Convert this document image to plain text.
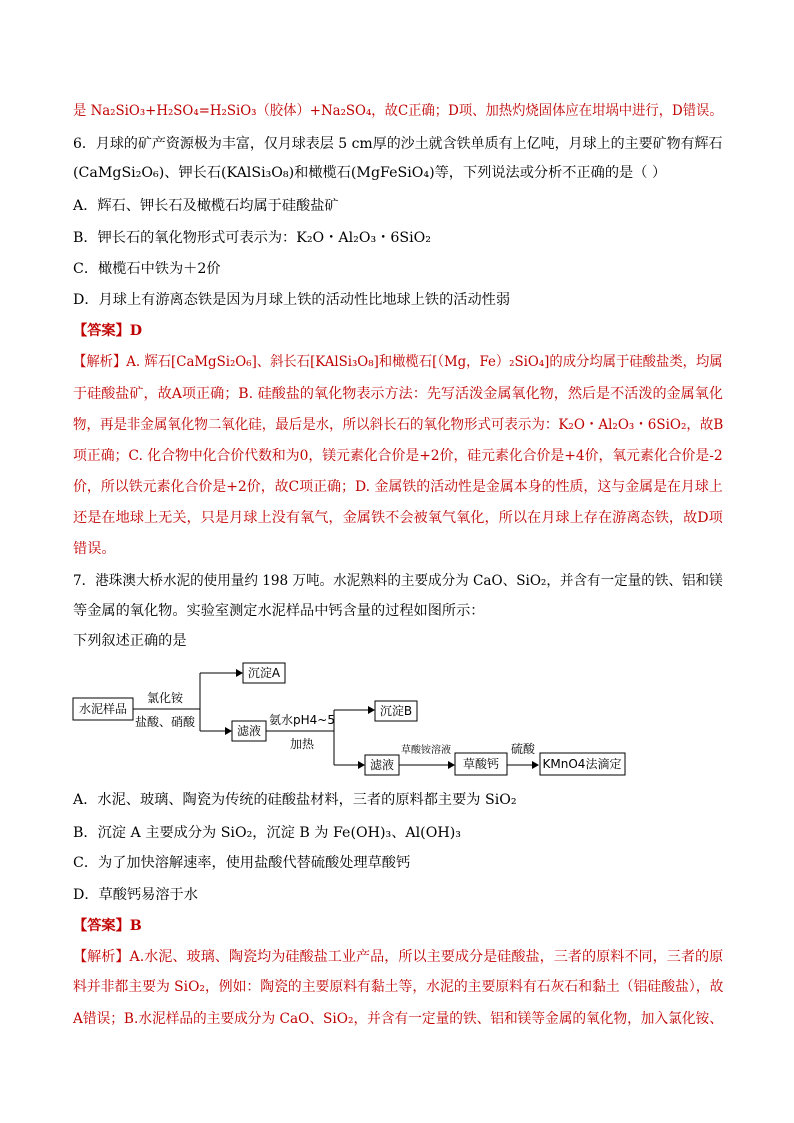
是 Na₂SiO₃+H₂SO₄=H₂SiO₃（胶体）+Na₂SO₄，故C正确；D项、加热灼烧固体应在坩埚中进行，D错误。
6．月球的矿产资源极为丰富，仅月球表层 5 cm厚的沙土就含铁单质有上亿吨，月球上的主要矿物有辉石
(CaMgSi₂O₆)、钾长石(KAlSi₃O₈)和橄榄石(MgFeSiO₄)等，下列说法或分析不正确的是（ ）
A．辉石、钾长石及橄榄石均属于硅酸盐矿
B．钾长石的氧化物形式可表示为：K₂O・Al₂O₃・6SiO₂
C．橄榄石中铁为＋2价
D．月球上有游离态铁是因为月球上铁的活动性比地球上铁的活动性弱
【答案】D
【解析】A. 辉石[CaMgSi₂O₆]、斜长石[KAlSi₃O₈]和橄榄石[（Mg，Fe）₂SiO₄]的成分均属于硅酸盐类，均属
于硅酸盐矿，故A项正确；B. 硅酸盐的氧化物表示方法：先写活泼金属氧化物，然后是不活泼的金属氧化
物，再是非金属氧化物二氧化硅，最后是水，所以斜长石的氧化物形式可表示为：K₂O・Al₂O₃・6SiO₂，故B
项正确；C. 化合物中化合价代数和为0，镁元素化合价是+2价，硅元素化合价是+4价，氧元素化合价是-2
价，所以铁元素化合价是+2价，故C项正确；D. 金属铁的活动性是金属本身的性质，这与金属是在月球上
还是在地球上无关，只是月球上没有氧气，金属铁不会被氧气氧化，所以在月球上存在游离态铁，故D项
错误。
7．港珠澳大桥水泥的使用量约 198 万吨。水泥熟料的主要成分为 CaO、SiO₂，并含有一定量的铁、铝和镁
等金属的氧化物。实验室测定水泥样品中钙含量的过程如图所示：
下列叙述正确的是
水泥样品
氯化铵
盐酸、硝酸
沉淀A
滤液
氨水pH4~5
加热
沉淀B
滤液
草酸铵溶液
草酸钙
硫酸
KMnO4法滴定
A．水泥、玻璃、陶瓷为传统的硅酸盐材料，三者的原料都主要为 SiO₂
B．沉淀 A 主要成分为 SiO₂，沉淀 B 为 Fe(OH)₃、Al(OH)₃
C．为了加快溶解速率，使用盐酸代替硫酸处理草酸钙
D．草酸钙易溶于水
【答案】B
【解析】A.水泥、玻璃、陶瓷均为硅酸盐工业产品，所以主要成分是硅酸盐，三者的原料不同，三者的原
料并非都主要为 SiO₂，例如：陶瓷的主要原料有黏土等，水泥的主要原料有石灰石和黏土（铝硅酸盐），故
A错误；B.水泥样品的主要成分为 CaO、SiO₂，并含有一定量的铁、铝和镁等金属的氧化物，加入氯化铵、
